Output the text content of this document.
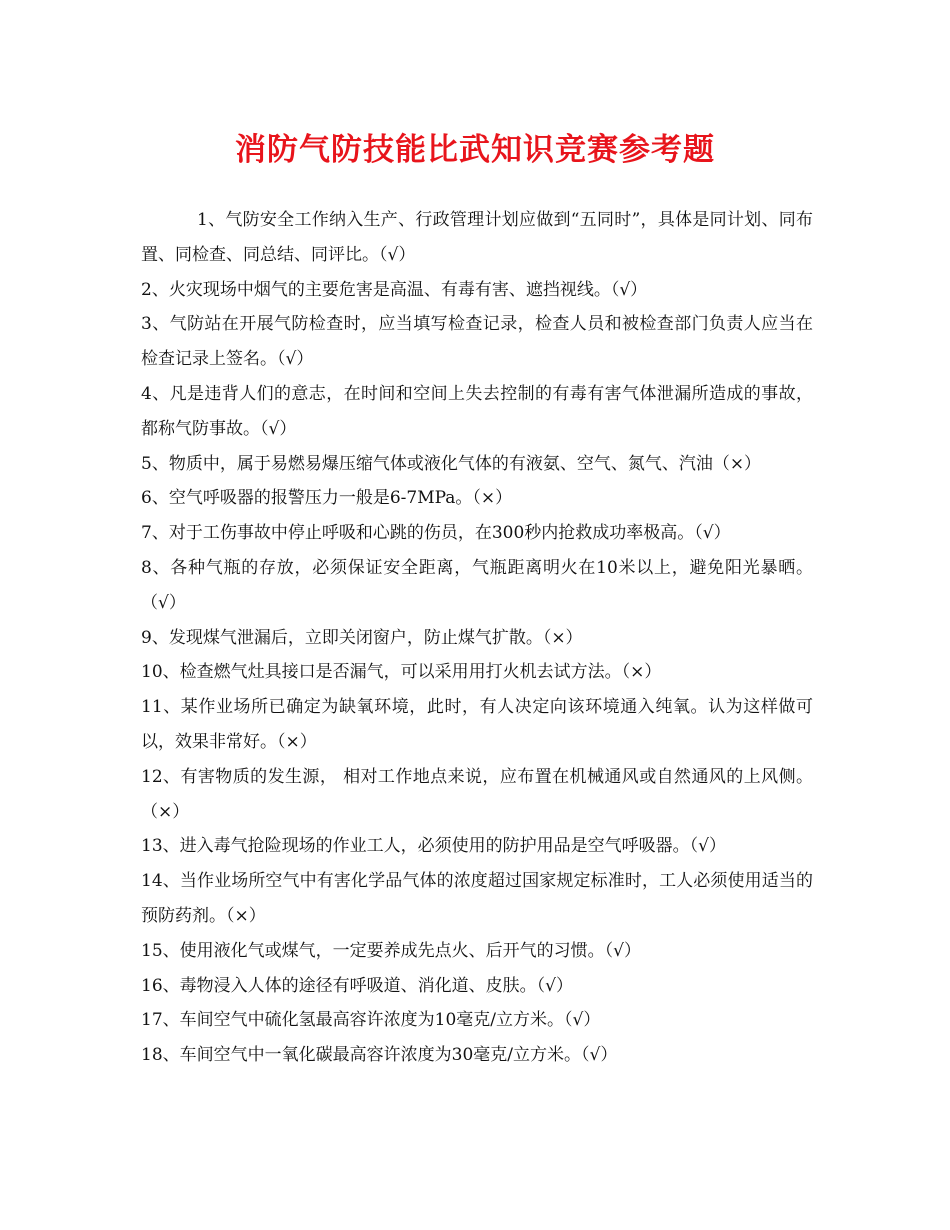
消防气防技能比武知识竞赛参考题

1、气防安全工作纳入生产、行政管理计划应做到“五同时”，具体是同计划、同布置、同检查、同总结、同评比。（√）

2、火灾现场中烟气的主要危害是高温、有毒有害、遮挡视线。（√）

3、气防站在开展气防检查时，应当填写检查记录，检查人员和被检查部门负责人应当在检查记录上签名。（√）

4、凡是违背人们的意志，在时间和空间上失去控制的有毒有害气体泄漏所造成的事故，都称气防事故。（√）

5、物质中，属于易燃易爆压缩气体或液化气体的有液氨、空气、氮气、汽油（×）

6、空气呼吸器的报警压力一般是6-7MPa。（×）

7、对于工伤事故中停止呼吸和心跳的伤员，在300秒内抢救成功率极高。（√）

8、各种气瓶的存放，必须保证安全距离，气瓶距离明火在10米以上，避免阳光暴晒。（√）

9、发现煤气泄漏后，立即关闭窗户，防止煤气扩散。（×）

10、检查燃气灶具接口是否漏气，可以采用用打火机去试方法。（×）

11、某作业场所已确定为缺氧环境，此时，有人决定向该环境通入纯氧。认为这样做可以，效果非常好。（×）

12、有害物质的发生源， 相对工作地点来说，应布置在机械通风或自然通风的上风侧。（×）

13、进入毒气抢险现场的作业工人，必须使用的防护用品是空气呼吸器。（√）

14、当作业场所空气中有害化学品气体的浓度超过国家规定标准时，工人必须使用适当的预防药剂。（×）

15、使用液化气或煤气，一定要养成先点火、后开气的习惯。（√）

16、毒物浸入人体的途径有呼吸道、消化道、皮肤。（√）

17、车间空气中硫化氢最高容许浓度为10毫克/立方米。（√）

18、车间空气中一氧化碳最高容许浓度为30毫克/立方米。（√）
